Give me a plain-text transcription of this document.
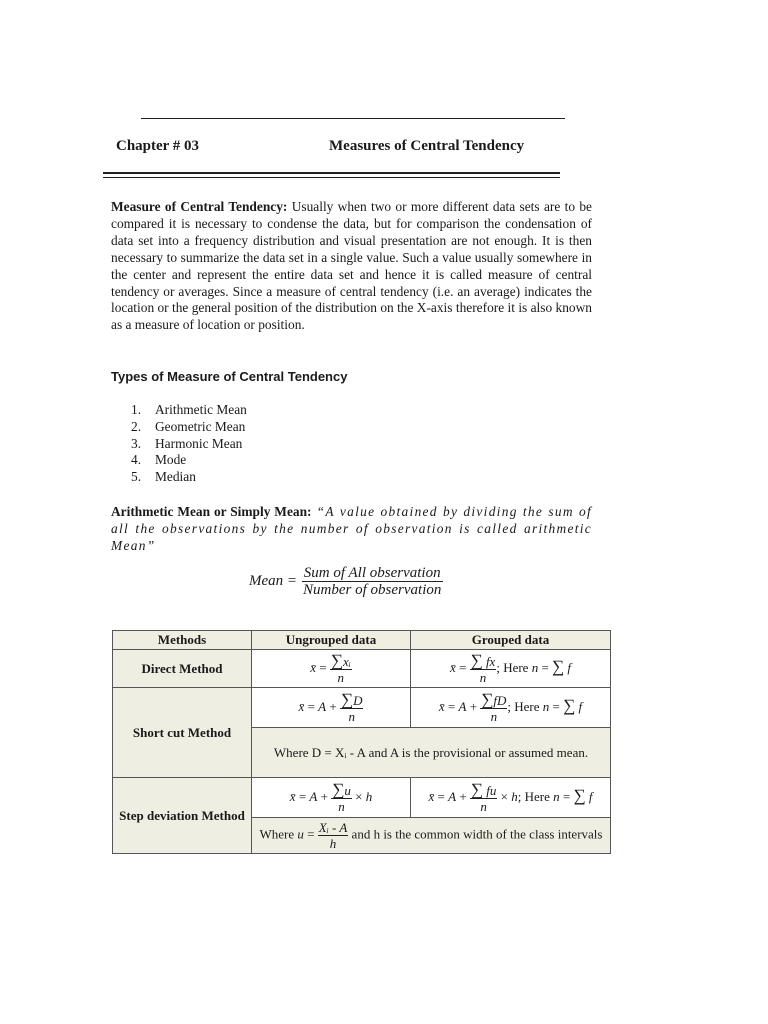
Chapter # 03	Measures of Central Tendency
Measure of Central Tendency: Usually when two or more different data sets are to be compared it is necessary to condense the data, but for comparison the condensation of data set into a frequency distribution and visual presentation are not enough. It is then necessary to summarize the data set in a single value. Such a value usually somewhere in the center and represent the entire data set and hence it is called measure of central tendency or averages. Since a measure of central tendency (i.e. an average) indicates the location or the general position of the distribution on the X-axis therefore it is also known as a measure of location or position.
Types of Measure of Central Tendency
1. Arithmetic Mean
2. Geometric Mean
3. Harmonic Mean
4. Mode
5. Median
Arithmetic Mean or Simply Mean: “A value obtained by dividing the sum of all the observations by the number of observation is called arithmetic Mean”
Mean = $\frac{\text{Sum of All observation}}{\text{Number of observation}}$
Methods	Ungrouped data	Grouped data
Direct Method	x̄ = $\frac{\text{∑xᵢ}}{n}$	x̄ = $\frac{\sum fx}{n}$ ; Here n = ∑ f
Short cut Method	x̄ = $A + \frac{\sum D}{n}$	x̄ = $A + \frac{\sum fD}{n}$ ; Here n = ∑ f
	Where D = Xᵢ - A and A is the provisional or assumed mean.	
Step deviation Method	x̄ = $A + \frac{\sum u}{n} \times h$	x̄ = $A + \frac{\sum fu}{n} \times h$; Here n = ∑ f
	Where $u = \frac{\text{Xᵢ - A}}{h}$ and h is the common width of the class intervals	
